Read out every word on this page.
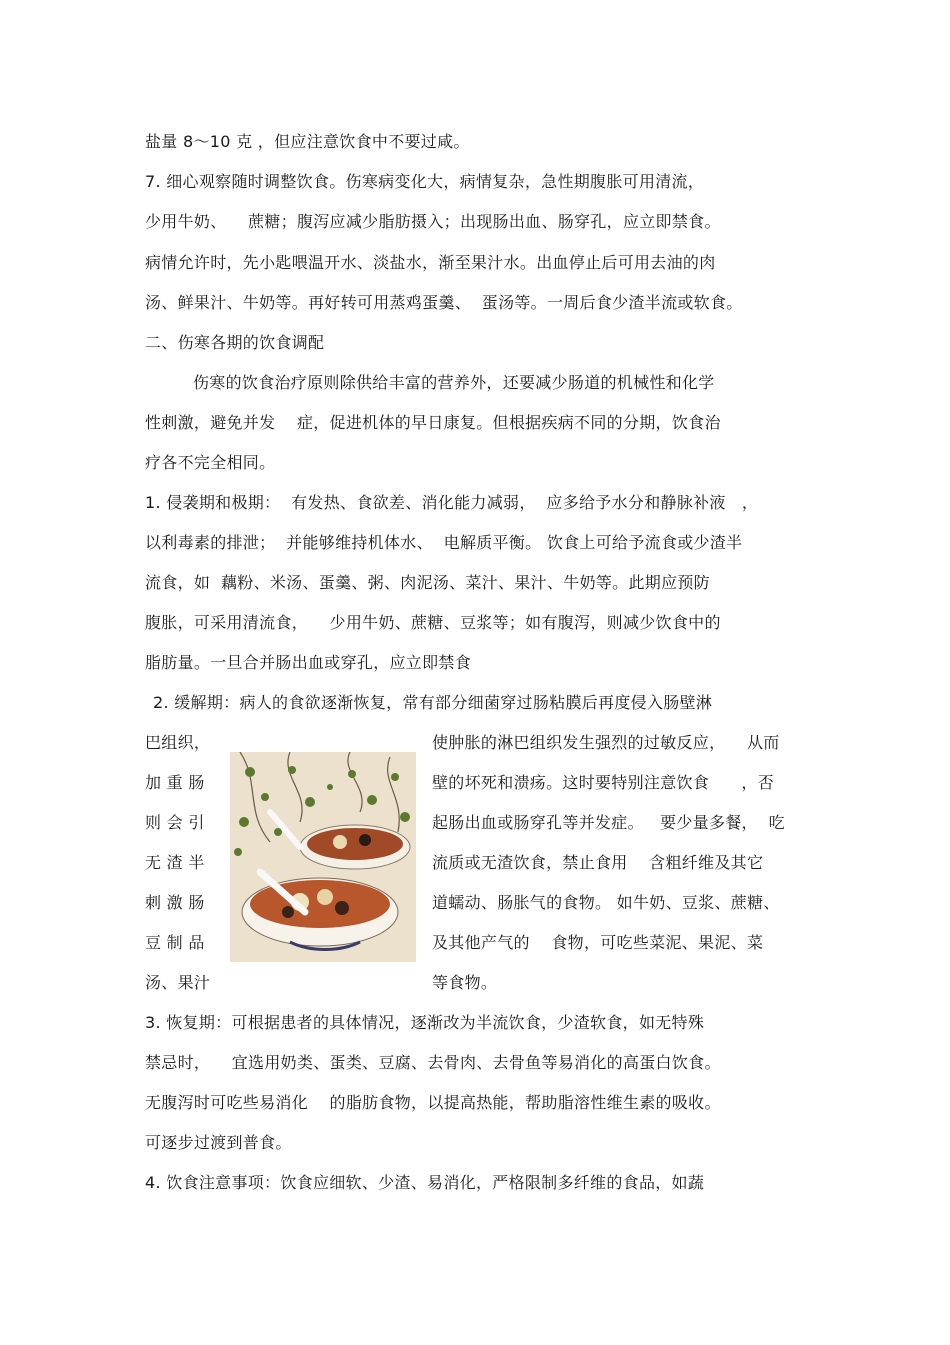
盐量 8～10 克 ，但应注意饮食中不要过咸。
7. 细心观察随时调整饮食。伤寒病变化大，病情复杂，急性期腹胀可用清流，
少用牛奶、    蔗糖；腹泻应减少脂肪摄入；出现肠出血、肠穿孔，应立即禁食。
病情允许时，先小匙喂温开水、淡盐水，渐至果汁水。出血停止后可用去油的肉
汤、鲜果汁、牛奶等。再好转可用蒸鸡蛋羹、  蛋汤等。一周后食少渣半流或软食。
二、伤寒各期的饮食调配
伤寒的饮食治疗原则除供给丰富的营养外，还要减少肠道的机械性和化学
性刺激，避免并发    症，促进机体的早日康复。但根据疾病不同的分期，饮食治
疗各不完全相同。
1. 侵袭期和极期：  有发热、食欲差、消化能力减弱，  应多给予水分和静脉补液   ，
以利毒素的排泄；  并能够维持机体水、  电解质平衡。 饮食上可给予流食或少渣半
流食，如  藕粉、米汤、蛋羹、粥、肉泥汤、菜汁、果汁、牛奶等。此期应预防
腹胀，可采用清流食，    少用牛奶、蔗糖、豆浆等；如有腹泻，则减少饮食中的
脂肪量。一旦合并肠出血或穿孔，应立即禁食
2. 缓解期：病人的食欲逐渐恢复，常有部分细菌穿过肠粘膜后再度侵入肠壁淋
巴组织，	使肿胀的淋巴组织发生强烈的过敏反应，    从而
加 重 肠	壁的坏死和溃疡。这时要特别注意饮食      ，否
则 会 引	起肠出血或肠穿孔等并发症。   要少量多餐，  吃
无 渣 半	流质或无渣饮食，禁止食用    含粗纤维及其它
刺 激 肠	道蠕动、肠胀气的食物。 如牛奶、豆浆、蔗糖、
豆 制 品	及其他产气的    食物，可吃些菜泥、果泥、菜
汤、果汁	等食物。
3. 恢复期：可根据患者的具体情况，逐渐改为半流饮食，少渣软食，如无特殊
禁忌时，    宜选用奶类、蛋类、豆腐、去骨肉、去骨鱼等易消化的高蛋白饮食。
无腹泻时可吃些易消化    的脂肪食物，以提高热能，帮助脂溶性维生素的吸收。
可逐步过渡到普食。
4. 饮食注意事项：饮食应细软、少渣、易消化，严格限制多纤维的食品，如蔬
